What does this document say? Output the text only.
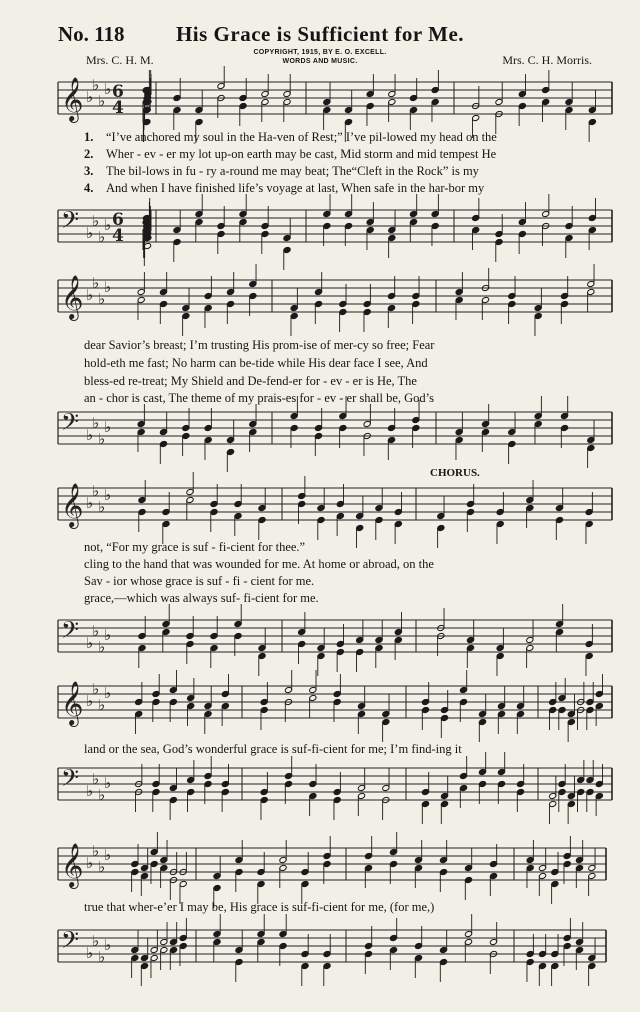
No. 118	His Grace is Sufficient for Me.
COPYRIGHT, 1915, BY E. O. EXCELL.
WORDS AND MUSIC.
Mrs. C. H. M.	Mrs. C. H. Morris.
CHORUS.
𝄞 ♭
♭
♭
♭ 6
4
1. “I’ve anchored my soul in the Ha-ven of Rest;” I’ve pil-lowed my head on the
2. Wher - ev - er my lot up-on earth may be cast, Mid storm and mid tempest He
3. The bil-lows in fu - ry a-round me may beat; The“Cleft in the Rock” is my
4. And when I have finished life’s voyage at last, When safe in the har-bor my
𝄢 ♭
♭
♭
♭ 6
4
𝄞 ♭
♭
♭
♭
dear Savior’s breast; I’m trusting His prom-ise of mer-cy so free; Fear
hold-eth me fast; No harm can be-tide while His dear face I see, And
bless-ed re-treat; My Shield and De-fend-er for - ev - er is He, The
an - chor is cast, The theme of my prais-es for - ev - er shall be, God’s
𝄢 ♭
♭
♭
♭
𝄞 ♭
♭
♭
♭
not, “For my grace is suf - fi-cient for thee.”
cling to the hand that was wounded for me. At home or abroad, on the
Sav - ior whose grace is suf - fi - cient for me.
grace,—which was always suf- fi-cient for me.
𝄢 ♭
♭
♭
♭
𝄞 ♭
♭
♭
♭
land or the sea, God’s wonderful grace is suf-fi-cient for me; I’m find-ing it
𝄢 ♭
♭
♭
♭
𝄞 ♭
♭
♭
♭
true that wher-e’er I may be, His grace is suf-fi-cient for me, (for me,)
𝄢 ♭
♭
♭
♭
